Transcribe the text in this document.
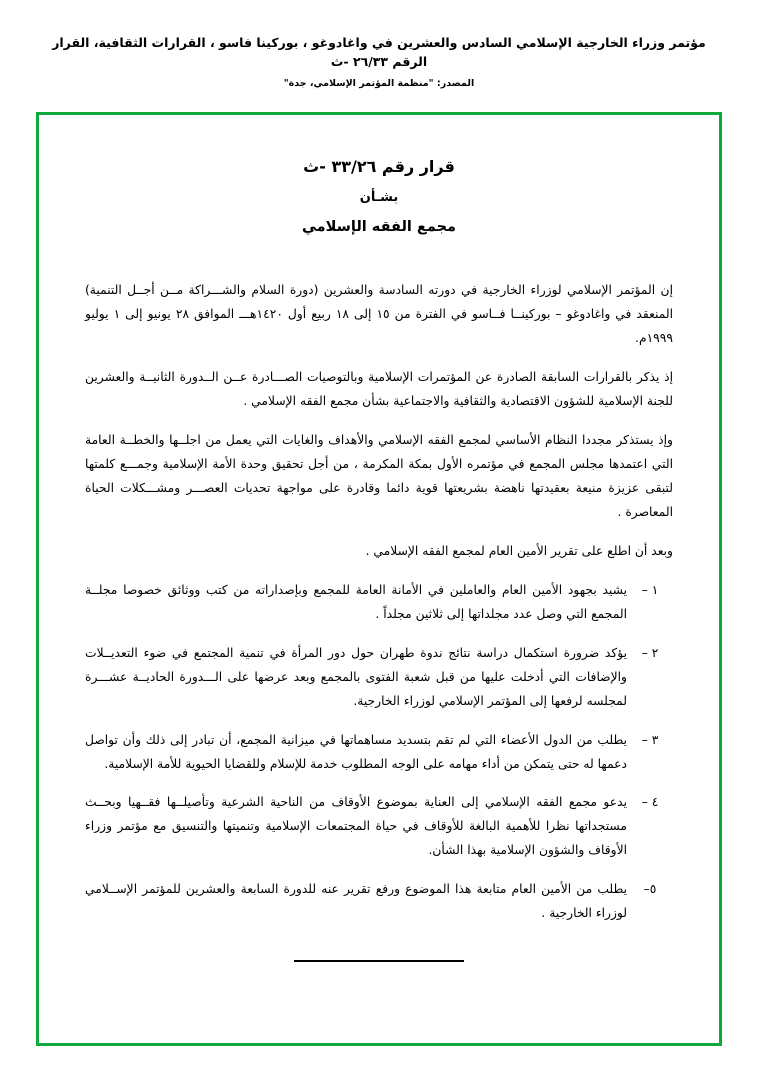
مؤتمر وزراء الخارجية الإسلامي السادس والعشرين في واغادوغو ، بوركينا فاسو ، القرارات الثقافية، القرار الرقم ٢٦/٣٣ -ث
المصدر: "منظمة المؤتمر الإسلامي، جدة"
قرار رقم ٣٣/٢٦ -ث
بشـأن
مجمع الفقه الإسلامي

إن المؤتمر الإسلامي لوزراء الخارجية في دورته السادسة والعشرين (دورة السلام والشـــراكة مــن أجــل التنمية) المنعقد في واغادوغو – بوركينــا فــاسو في الفترة من ١٥ إلى ١٨ ربيع أول ١٤٢٠هـــ الموافق ٢٨ يونيو إلى ١ يوليو ١٩٩٩م.

إذ يذكر بالقرارات السابقة الصادرة عن المؤتمرات الإسلامية وبالتوصيات الصـــادرة عــن الــدورة الثانيــة والعشرين للجنة الإسلامية للشؤون الاقتصادية والثقافية والاجتماعية بشأن مجمع الفقه الإسلامي .

وإذ يستذكر مجددا النظام الأساسي لمجمع الفقه الإسلامي والأهداف والغايات التي يعمل من اجلــها والخطــة العامة التي اعتمدها مجلس المجمع في مؤتمره الأول بمكة المكرمة ، من أجل تحقيق وحدة الأمة الإسلامية وجمـــع كلمتها لتبقى عزيزة منيعة بعقيدتها ناهضة بشريعتها قوية دائما وقادرة على مواجهة تحديات العصـــر ومشـــكلات الحياة المعاصرة .

وبعد أن اطلع على تقرير الأمين العام لمجمع الفقه الإسلامي .

١ –
يشيد بجهود الأمين العام والعاملين في الأمانة العامة للمجمع وبإصداراته من كتب ووثائق خصوصا مجلــة المجمع التي وصل عدد مجلداتها إلى ثلاثين مجلداً .
٢ –
يؤكد ضرورة استكمال دراسة نتائج ندوة طهران حول دور المرأة في تنمية المجتمع في ضوء التعديــلات والإضافات التي أدخلت عليها من قبل شعبة الفتوى بالمجمع وبعد عرضها على الـــدورة الحاديــة عشـــرة لمجلسه لرفعها إلى المؤتمر الإسلامي لوزراء الخارجية.
٣ –
يطلب من الدول الأعضاء التي لم تقم بتسديد مساهماتها في ميزانية المجمع، أن تبادر إلى ذلك وأن تواصل دعمها له حتى يتمكن من أداء مهامه على الوجه المطلوب خدمة للإسلام وللقضايا الحيوية للأمة الإسلامية.
٤ –
يدعو مجمع الفقه الإسلامي إلى العناية بموضوع الأوقاف من الناحية الشرعية وتأصيلــها فقــهيا وبحــث مستجداتها نظرا للأهمية البالغة للأوقاف في حياة المجتمعات الإسلامية وتنميتها والتنسيق مع مؤتمر وزراء الأوقاف والشؤون الإسلامية بهذا الشأن.
٥–
يطلب من الأمين العام متابعة هذا الموضوع ورفع تقرير عنه للدورة السابعة والعشرين للمؤتمر الإســلامي لوزراء الخارجية .
